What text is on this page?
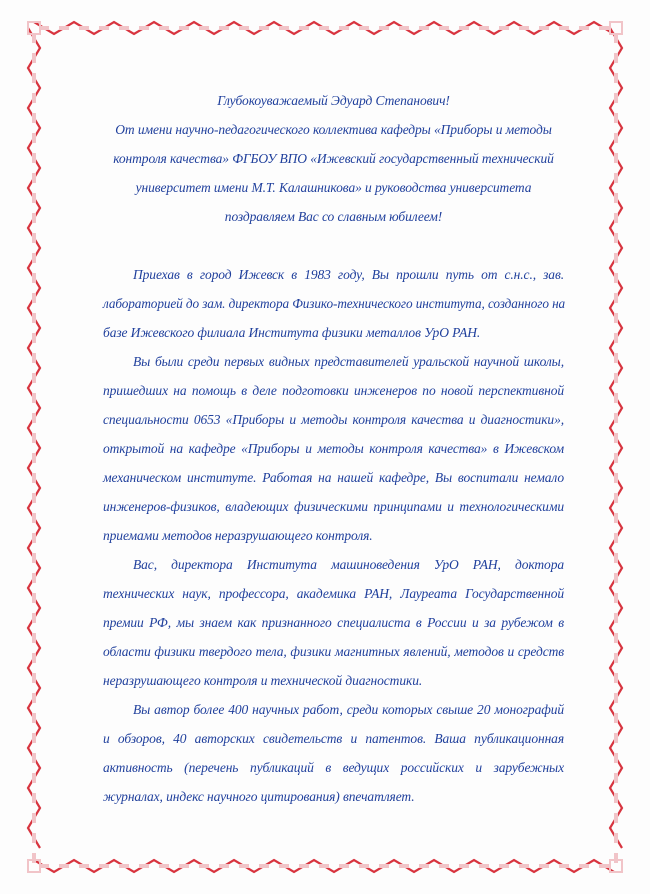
Глубокоуважаемый Эдуард Степанович!
От имени научно-педагогического коллектива кафедры «Приборы и методы
контроля качества» ФГБОУ ВПО «Ижевский государственный технический
университет имени М.Т. Калашникова» и руководства университета
поздравляем Вас со славным юбилеем!
Приехав в город Ижевск в 1983 году, Вы прошли путь от с.н.с., зав.
лабораторией до зам. директора Физико-технического института, созданного на
базе Ижевского филиала Института физики металлов УрО РАН.
Вы были среди первых видных представителей уральской научной школы,
пришедших на помощь в деле подготовки инженеров по новой перспективной
специальности 0653 «Приборы и методы контроля качества и диагностики»,
открытой на кафедре «Приборы и методы контроля качества» в Ижевском
механическом институте. Работая на нашей кафедре, Вы воспитали немало
инженеров-физиков, владеющих физическими принципами и технологическими
приемами методов неразрушающего контроля.
Вас, директора Института машиноведения УрО РАН, доктора
технических наук, профессора, академика РАН, Лауреата Государственной
премии РФ, мы знаем как признанного специалиста в России и за рубежом в
области физики твердого тела, физики магнитных явлений, методов и средств
неразрушающего контроля и технической диагностики.
Вы автор более 400 научных работ, среди которых свыше 20 монографий
и обзоров, 40 авторских свидетельств и патентов. Ваша публикационная
активность (перечень публикаций в ведущих российских и зарубежных
журналах, индекс научного цитирования) впечатляет.
